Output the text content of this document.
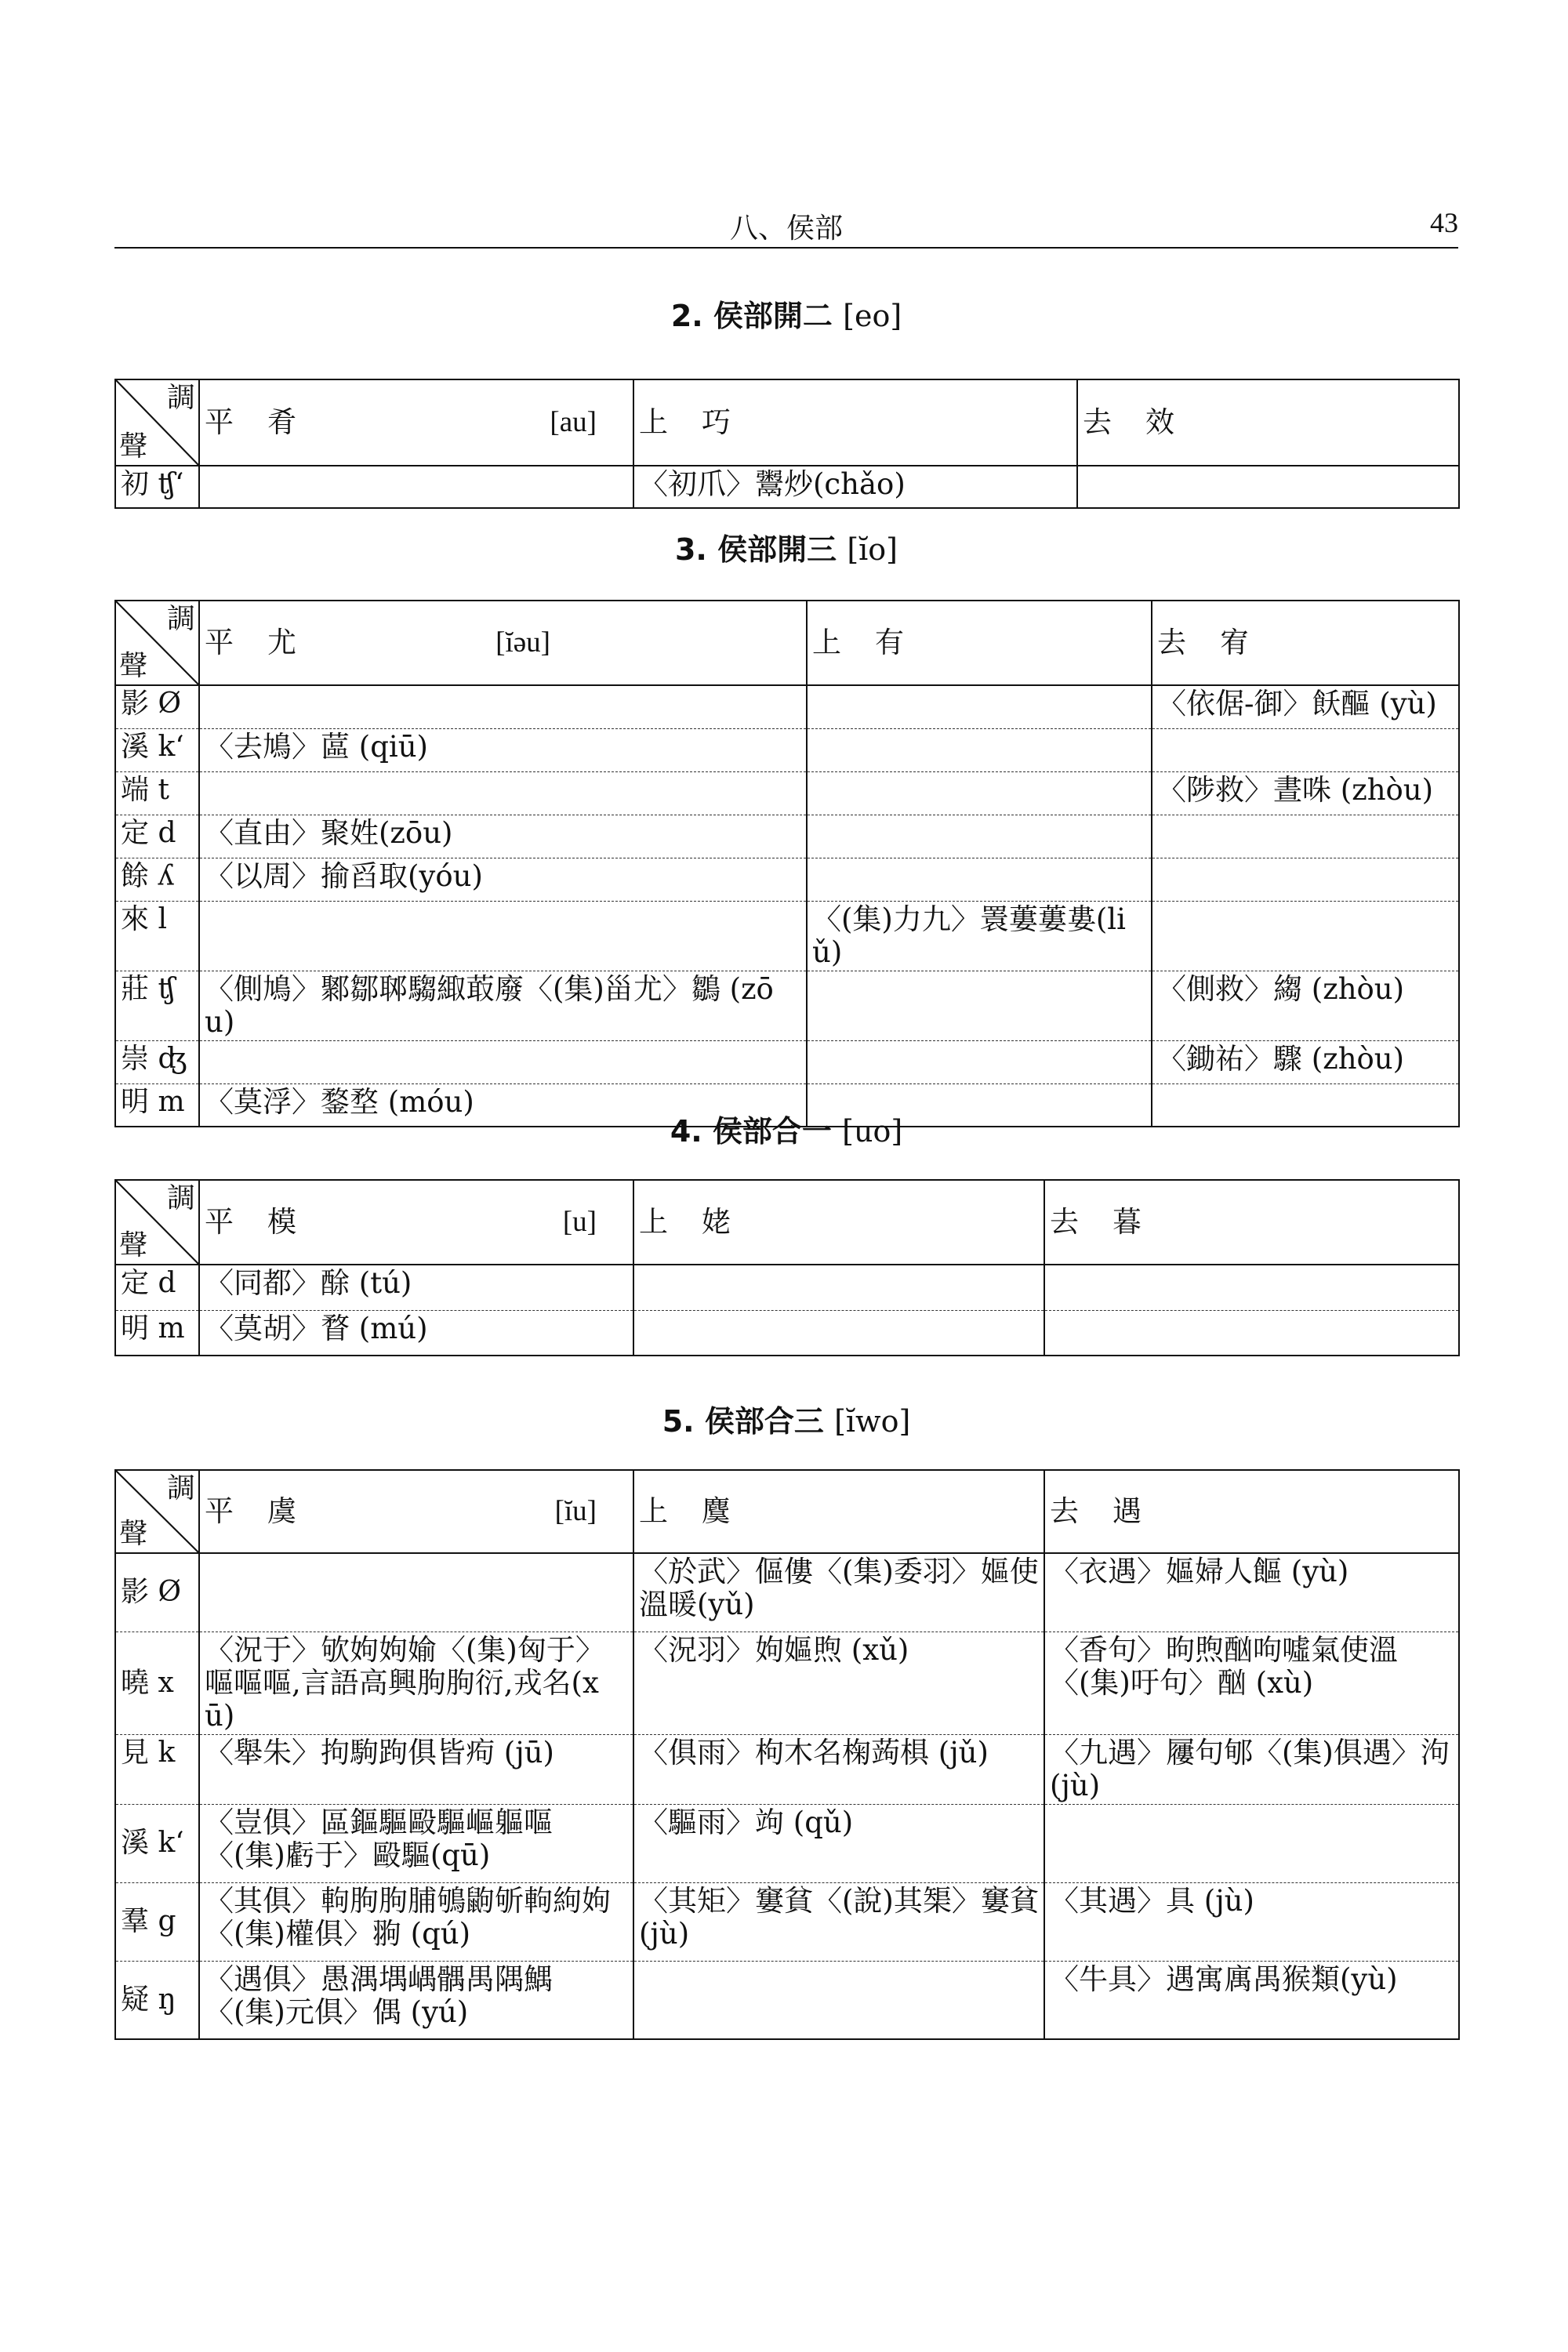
八、侯部	43
2. 侯部開二 [eo]
調
聲	平 肴 [au]	上 巧	去 效
初 ʧʻ		〈初爪〉鬻炒(chǎo)	
3. 侯部開三 [ĭo]
調
聲	平 尤 [ĭəu]	上 有	去 宥
影 Ø			〈依倨-御〉飫醧 (yù)
溪 kʻ	〈去鳩〉蓲 (qiū)		
端 t			〈陟救〉晝咮 (zhòu)
定 d	〈直由〉聚姓(zōu)		
餘 ʎ	〈以周〉揄舀取(yóu)		
來 l		〈(集)力九〉瞏蔞蔞婁(liǔ)	
莊 ʧ	〈側鳩〉鄹鄒郰騶緅菆廢〈(集)甾尤〉鶵 (zōu)		〈側救〉縐 (zhòu)
崇 ʤ			〈鋤祐〉驟 (zhòu)
明 m	〈莫浮〉鍪堥 (móu)		
4. 侯部合一 [uo]
調
聲	平 模 [u]	上 姥	去 暮
定 d	〈同都〉酴 (tú)		
明 m	〈莫胡〉瞀 (mú)		
5. 侯部合三 [ĭwo]
調
聲	平 虞 [ĭu]	上 麌	去 遇
影 Ø		〈於武〉傴僂〈(集)委羽〉嫗使溫暖(yǔ)	〈衣遇〉嫗婦人饇 (yù)
曉 x	〈況于〉欨姁姁媮〈(集)匈于〉嘔嘔嘔,言語高興朐朐衍,戎名(xū)	〈況羽〉姁嫗煦 (xǔ)	〈香句〉昫煦酗呴噓氣使溫〈(集)吁句〉酗 (xù)
見 k	〈舉朱〉拘駒跔俱皆痀 (jū)	〈俱雨〉枸木名椈蒟椇 (jǔ)	〈九遇〉屨句郇〈(集)俱遇〉泃 (jù)
溪 kʻ	〈豈俱〉區鏂驅毆驅嶇軀嘔〈(集)虧于〉毆驅(qū)	〈驅雨〉竘 (qǔ)	
羣 g	〈其俱〉軥朐朐脯鴝鼩斪軥絇姁〈(集)權俱〉翑 (qú)	〈其矩〉窶貧〈(說)其榘〉窶貧(jù)	〈其遇〉具 (jù)
疑 ŋ	〈遇俱〉愚湡堣嵎髃禺隅鰅〈(集)元俱〉偶 (yú)		〈牛具〉遇寓庽禺猴類(yù)
